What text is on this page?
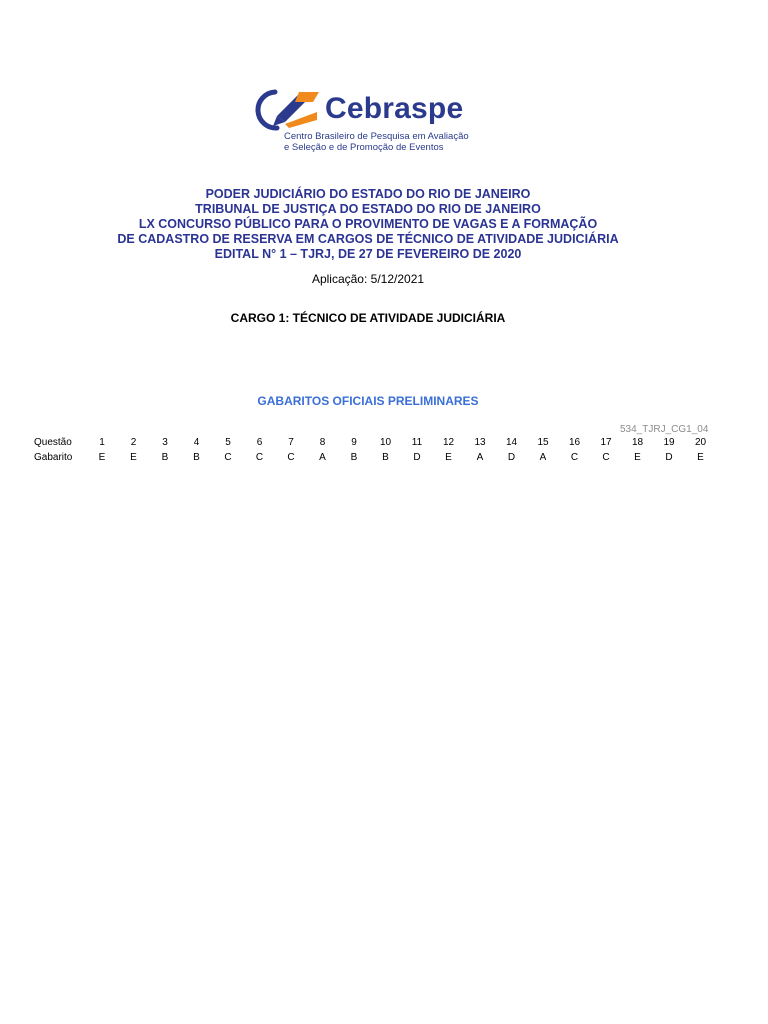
Cebraspe
Centro Brasileiro de Pesquisa em Avaliação
e Seleção e de Promoção de Eventos
PODER JUDICIÁRIO DO ESTADO DO RIO DE JANEIRO
TRIBUNAL DE JUSTIÇA DO ESTADO DO RIO DE JANEIRO
LX CONCURSO PÚBLICO PARA O PROVIMENTO DE VAGAS E A FORMAÇÃO
DE CADASTRO DE RESERVA EM CARGOS DE TÉCNICO DE ATIVIDADE JUDICIÁRIA
EDITAL N° 1 – TJRJ, DE 27 DE FEVEREIRO DE 2020
Aplicação: 5/12/2021
CARGO 1: TÉCNICO DE ATIVIDADE JUDICIÁRIA
GABARITOS OFICIAIS PRELIMINARES
534_TJRJ_CG1_04
Questão	1	2	3	4	5	6	7	8	9	10	11	12	13	14	15	16	17	18	19	20
Gabarito	E	E	B	B	C	C	C	A	B	B	D	E	A	D	A	C	C	E	D	E
